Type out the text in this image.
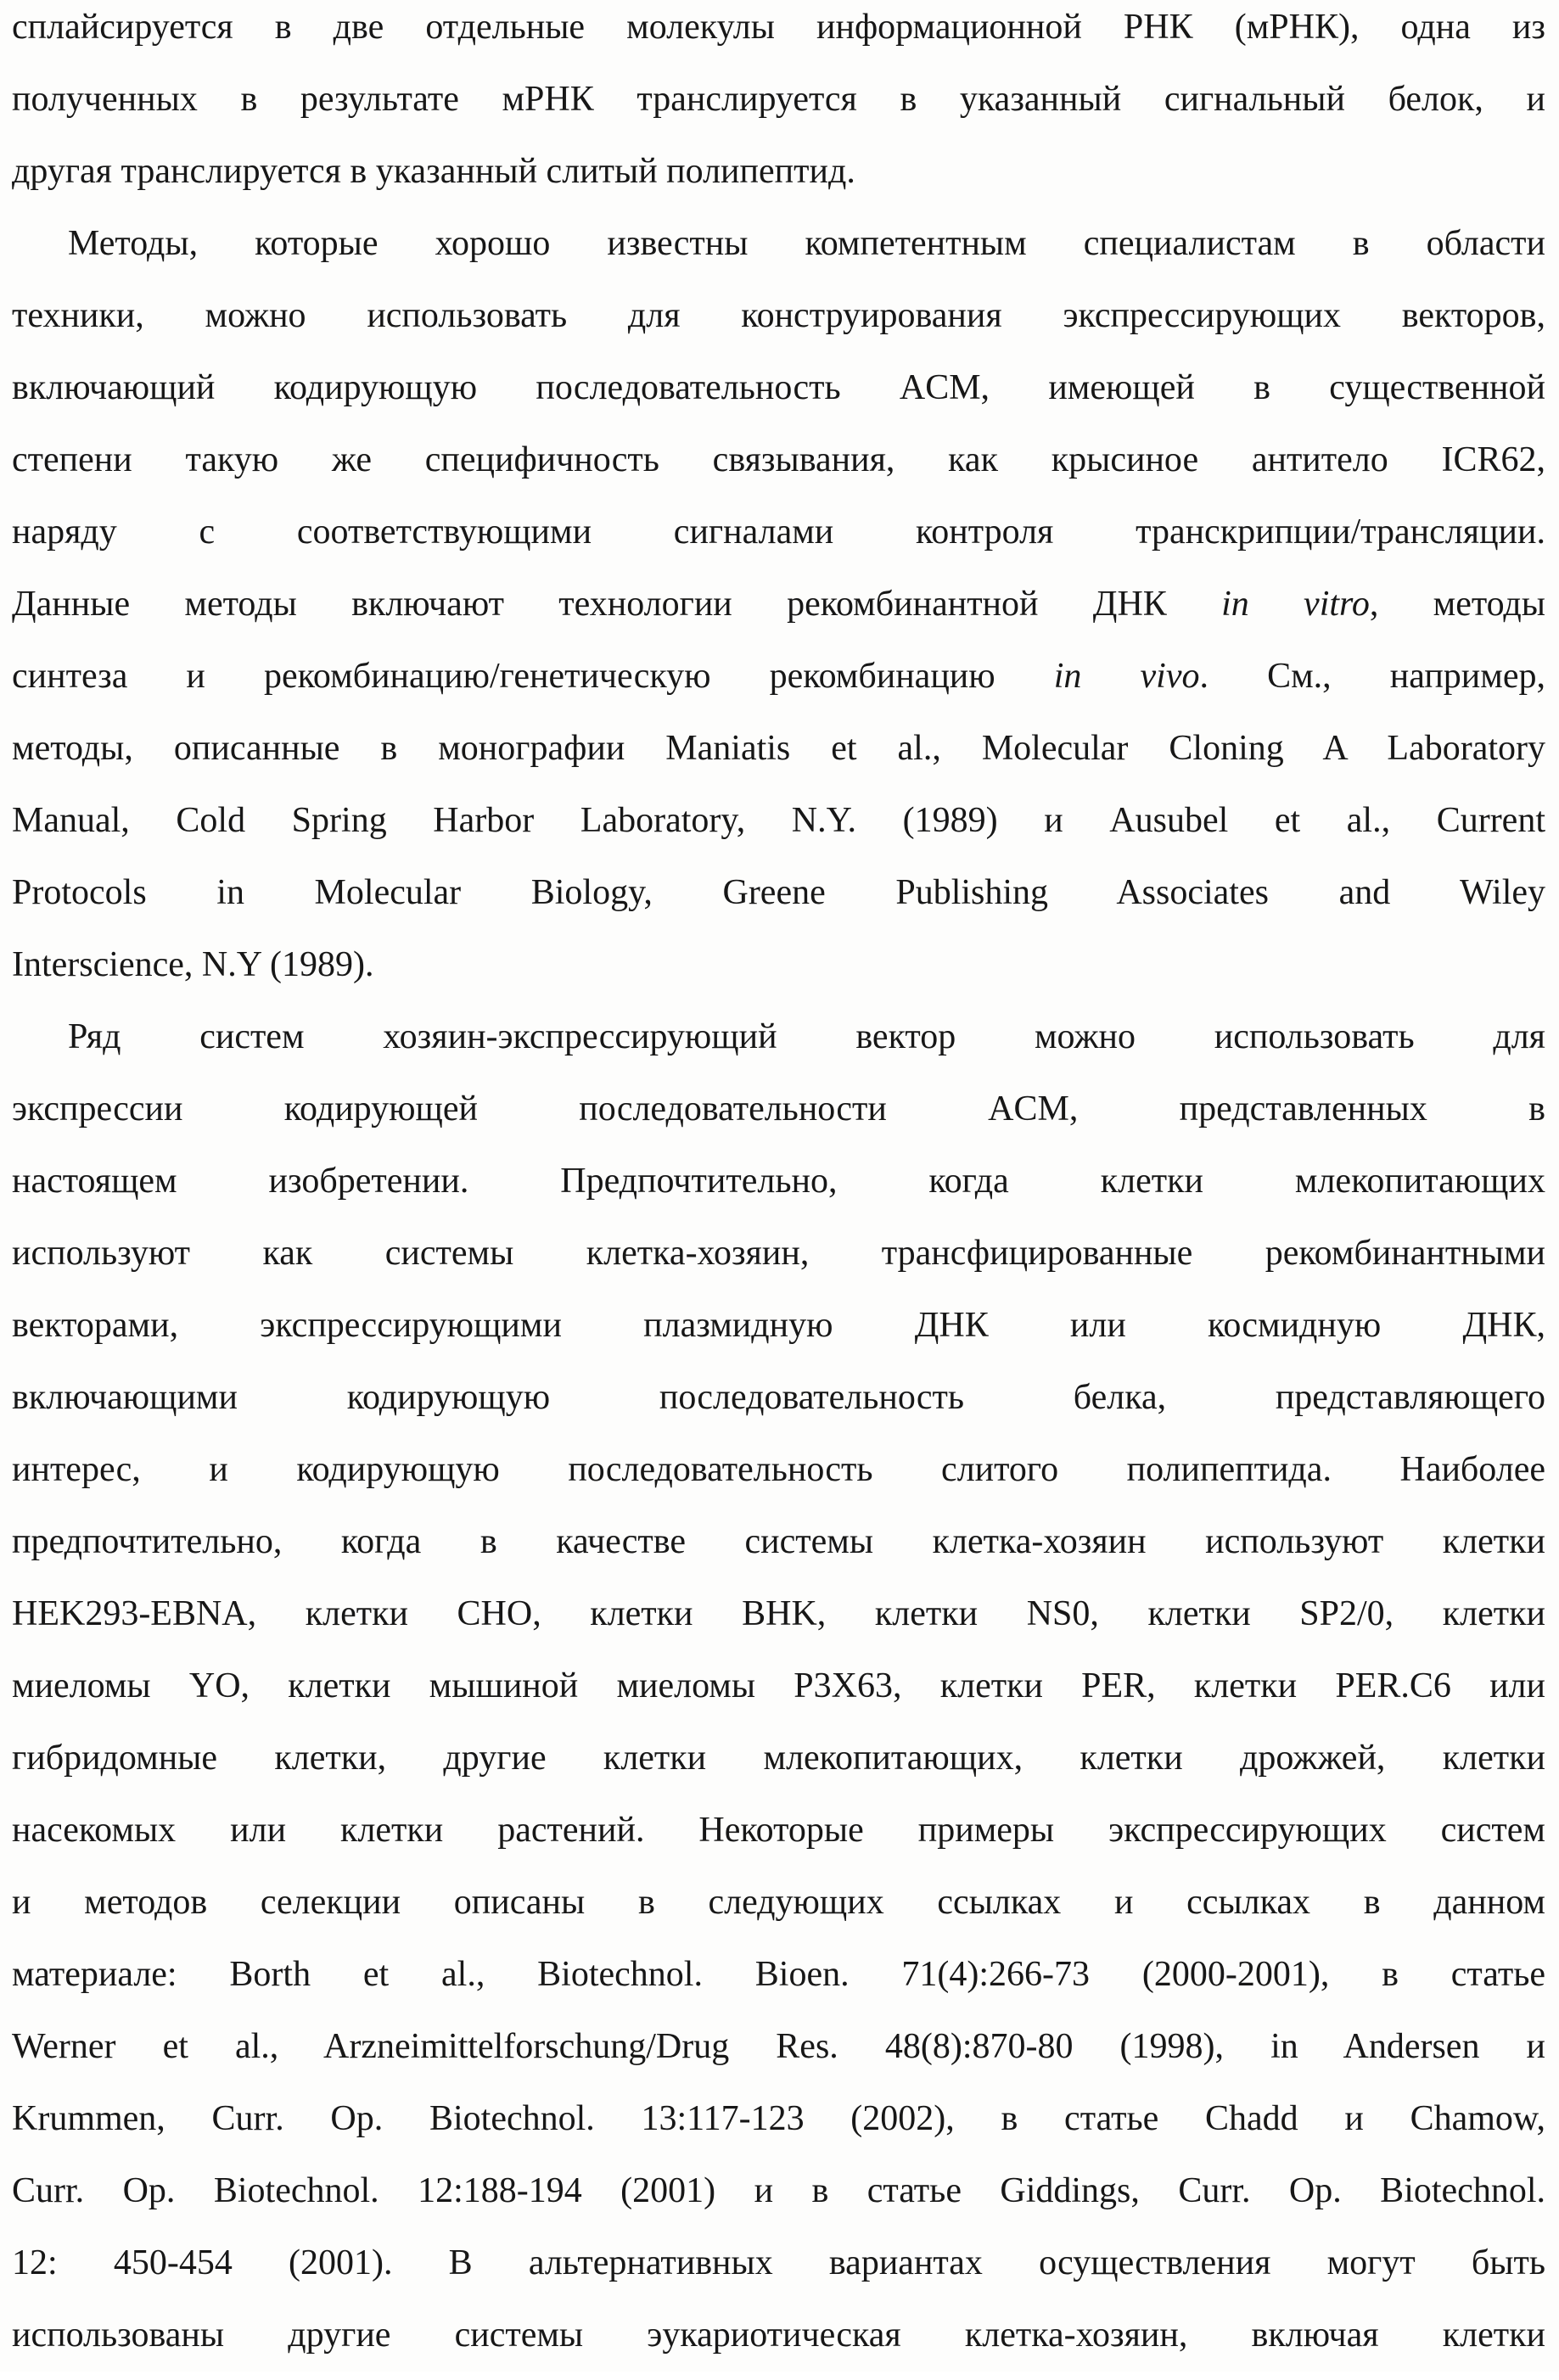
сплайсируется в две отдельные молекулы информационной РНК (мРНК), одна из
полученных в результате мРНК транслируется в указанный сигнальный белок, и
другая транслируется в указанный слитый полипептид.
Методы, которые хорошо известны компетентным специалистам в области
техники, можно использовать для конструирования экспрессирующих векторов,
включающий кодирующую последовательность ACM, имеющей в существенной
степени такую же специфичность связывания, как крысиное антитело ICR62,
наряду с соответствующими сигналами контроля транскрипции/трансляции.
Данные методы включают технологии рекомбинантной ДНК in vitro, методы
синтеза и рекомбинацию/генетическую рекомбинацию in vivo. См., например,
методы, описанные в монографии Maniatis et al., Molecular Cloning A Laboratory
Manual, Cold Spring Harbor Laboratory, N.Y. (1989) и Ausubel et al., Current
Protocols in Molecular Biology, Greene Publishing Associates and Wiley
Interscience, N.Y (1989).
Ряд систем хозяин-экспрессирующий вектор можно использовать для
экспрессии кодирующей последовательности ACM, представленных в
настоящем изобретении. Предпочтительно, когда клетки млекопитающих
используют как системы клетка-хозяин, трансфицированные рекомбинантными
векторами, экспрессирующими плазмидную ДНК или космидную ДНК,
включающими кодирующую последовательность белка, представляющего
интерес, и кодирующую последовательность слитого полипептида. Наиболее
предпочтительно, когда в качестве системы клетка-хозяин используют клетки
HEK293-EBNA, клетки CHO, клетки BHK, клетки NS0, клетки SP2/0, клетки
миеломы YO, клетки мышиной миеломы P3X63, клетки PER, клетки PER.C6 или
гибридомные клетки, другие клетки млекопитающих, клетки дрожжей, клетки
насекомых или клетки растений. Некоторые примеры экспрессирующих систем
и методов селекции описаны в следующих ссылках и ссылках в данном
материале: Borth et al., Biotechnol. Bioen. 71(4):266-73 (2000-2001), в статье
Werner et al., Arzneimittelforschung/Drug Res. 48(8):870-80 (1998), in Andersen и
Krummen, Curr. Op. Biotechnol. 13:117-123 (2002), в статье Chadd и Chamow,
Curr. Op. Biotechnol. 12:188-194 (2001) и в статье Giddings, Curr. Op. Biotechnol.
12: 450-454 (2001). В альтернативных вариантах осуществления могут быть
использованы другие системы эукариотическая клетка-хозяин, включая клетки
